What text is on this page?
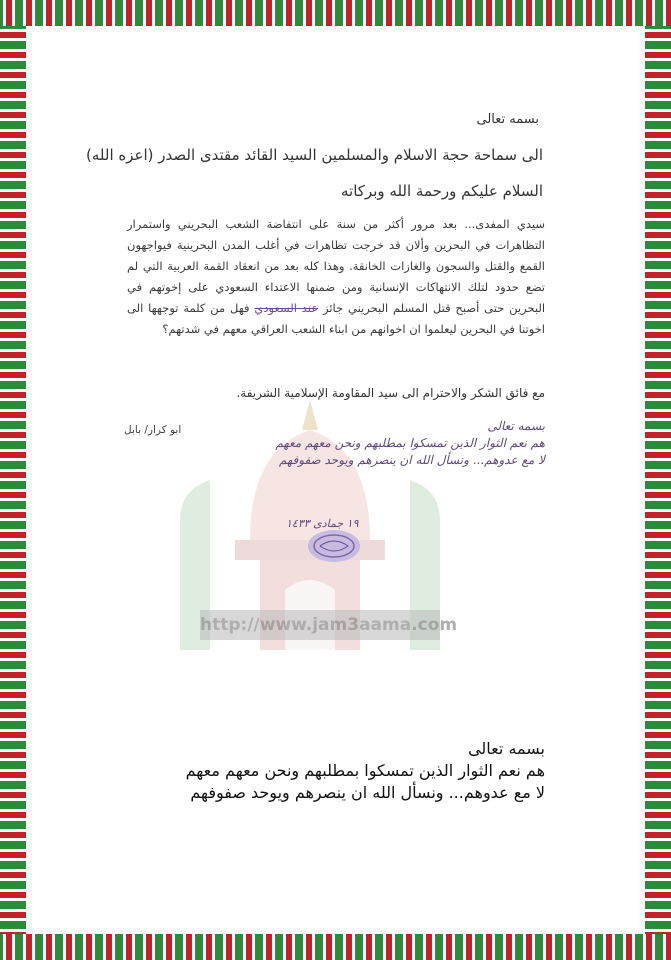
http://www.jam3aama.com
بسمه تعالى
الى سماحة حجة الاسلام والمسلمين السيد القائد مقتدى الصدر (اعزه الله)
السلام عليكم ورحمة الله وبركاته
سيدي المفدى... بعد مرور أكثر من سنة على انتفاضة الشعب البحريني واستمرار التظاهرات في البحرين وألان قد خرجت تظاهرات في أغلب المدن البحرينية فيواجهون القمع والقتل والسجون والغازات الخانقة. وهذا كله بعد من انعقاد القمة العربية التي لم تضع حدود لتلك الانتهاكات الإنسانية ومن ضمنها الاعتداء السعودي على إخوتهم في البحرين حتى أصبح قتل المسلم البحريني جائز عند السعودي فهل من كلمة توجهها الى اخوتنا في البحرين ليعلموا ان اخوانهم من ابناء الشعب العراقي معهم في شدتهم؟
مع فائق الشكر والاحترام الى سيد المقاومة الإسلامية الشريفة.
ابو كرار/ بابل	بسمه تعالى
هم نعم الثوار الذين تمسكوا بمطلبهم ونحن معهم معهم
لا مع عدوهم... ونسأل الله ان ينصرهم ويوحد صفوفهم
١٩ جمادى ١٤٣٣
بسمه تعالى
هم نعم الثوار الذين تمسكوا بمطلبهم ونحن معهم معهم
لا مع عدوهم... ونسأل الله ان ينصرهم ويوحد صفوفهم
